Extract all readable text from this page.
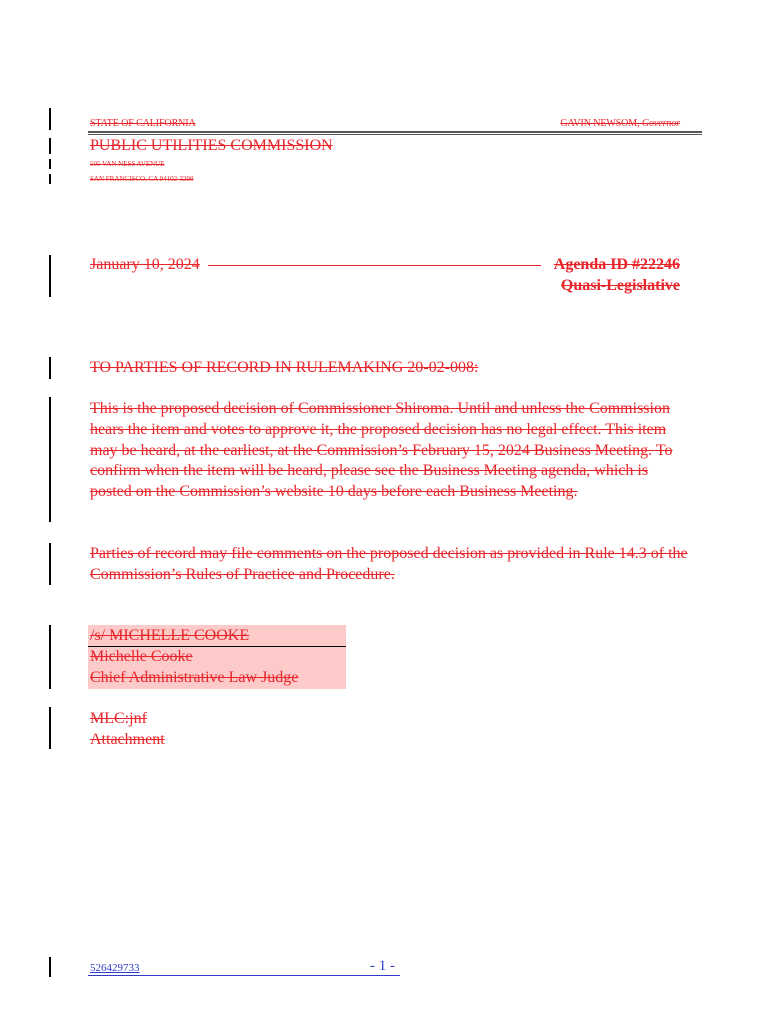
STATE OF CALIFORNIA	GAVIN NEWSOM, Governor
PUBLIC UTILITIES COMMISSION
505 VAN NESS AVENUE
SAN FRANCISCO, CA 94102-3298
January 10, 2024	Agenda ID #22246
Quasi-Legislative
TO PARTIES OF RECORD IN RULEMAKING 20-02-008:
This is the proposed decision of Commissioner Shiroma. Until and unless the Commission hears the item and votes to approve it, the proposed decision has no legal effect. This item may be heard, at the earliest, at the Commission’s February 15, 2024 Business Meeting. To confirm when the item will be heard, please see the Business Meeting agenda, which is posted on the Commission’s website 10 days before each Business Meeting.
Parties of record may file comments on the proposed decision as provided in Rule 14.3 of the Commission’s Rules of Practice and Procedure.
/s/ MICHELLE COOKE
Michelle Cooke
Chief Administrative Law Judge
MLC:jnf
Attachment
526429733	- 1 -
